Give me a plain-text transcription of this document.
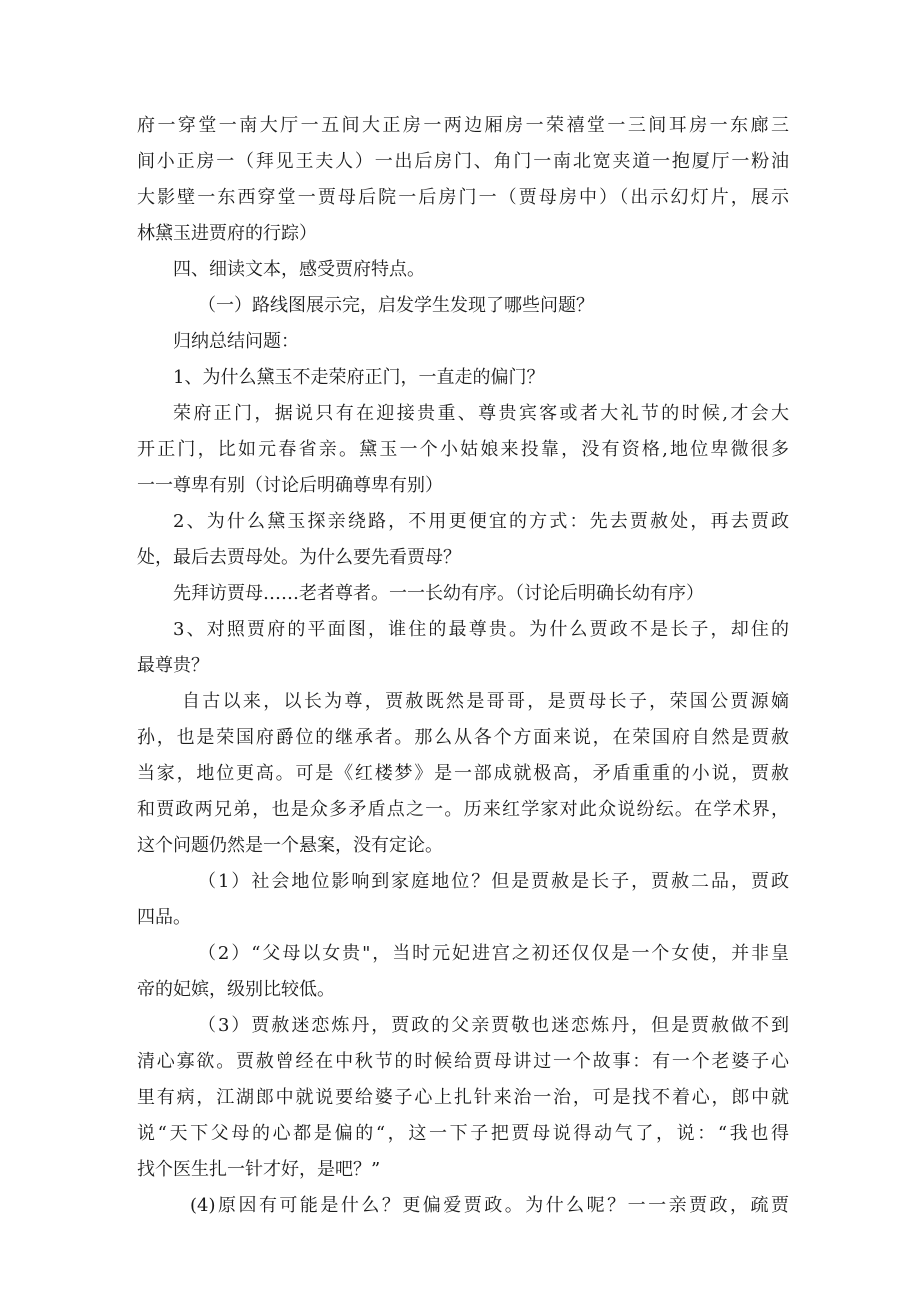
府一穿堂一南大厅一五间大正房一两边厢房一荣禧堂一三间耳房一东廊三
间小正房一（拜见王夫人）一出后房门、角门一南北宽夹道一抱厦厅一粉油
大影壁一东西穿堂一贾母后院一后房门一（贾母房中）（出示幻灯片，展示
林黛玉进贾府的行踪）
四、细读文本，感受贾府特点。
（一）路线图展示完，启发学生发现了哪些问题？
归纳总结问题：
1、为什么黛玉不走荣府正门，一直走的偏门？
荣府正门，据说只有在迎接贵重、尊贵宾客或者大礼节的时候,才会大
开正门，比如元春省亲。黛玉一个小姑娘来投靠，没有资格,地位卑微很多
一一尊卑有别（讨论后明确尊卑有别）
2、为什么黛玉探亲绕路，不用更便宜的方式：先去贾赦处，再去贾政
处，最后去贾母处。为什么要先看贾母？
先拜访贾母……老者尊者。一一长幼有序。（讨论后明确长幼有序）
3、对照贾府的平面图，谁住的最尊贵。为什么贾政不是长子，却住的
最尊贵？
自古以来，以长为尊，贾赦既然是哥哥，是贾母长子，荣国公贾源嫡
孙，也是荣国府爵位的继承者。那么从各个方面来说，在荣国府自然是贾赦
当家，地位更高。可是《红楼梦》是一部成就极高，矛盾重重的小说，贾赦
和贾政两兄弟，也是众多矛盾点之一。历来红学家对此众说纷纭。在学术界，
这个问题仍然是一个悬案，没有定论。
（1）社会地位影响到家庭地位？但是贾赦是长子，贾赦二品，贾政
四品。
（2）“父母以女贵"，当时元妃进宫之初还仅仅是一个女使，并非皇
帝的妃嫔，级别比较低。
（3）贾赦迷恋炼丹，贾政的父亲贾敬也迷恋炼丹，但是贾赦做不到
清心寡欲。贾赦曾经在中秋节的时候给贾母讲过一个故事：有一个老婆子心
里有病，江湖郎中就说要给婆子心上扎针来治一治，可是找不着心，郎中就
说“天下父母的心都是偏的“，这一下子把贾母说得动气了，说：“我也得
找个医生扎一针才好，是吧？”
(4)原因有可能是什么？更偏爱贾政。为什么呢？一一亲贾政，疏贾
